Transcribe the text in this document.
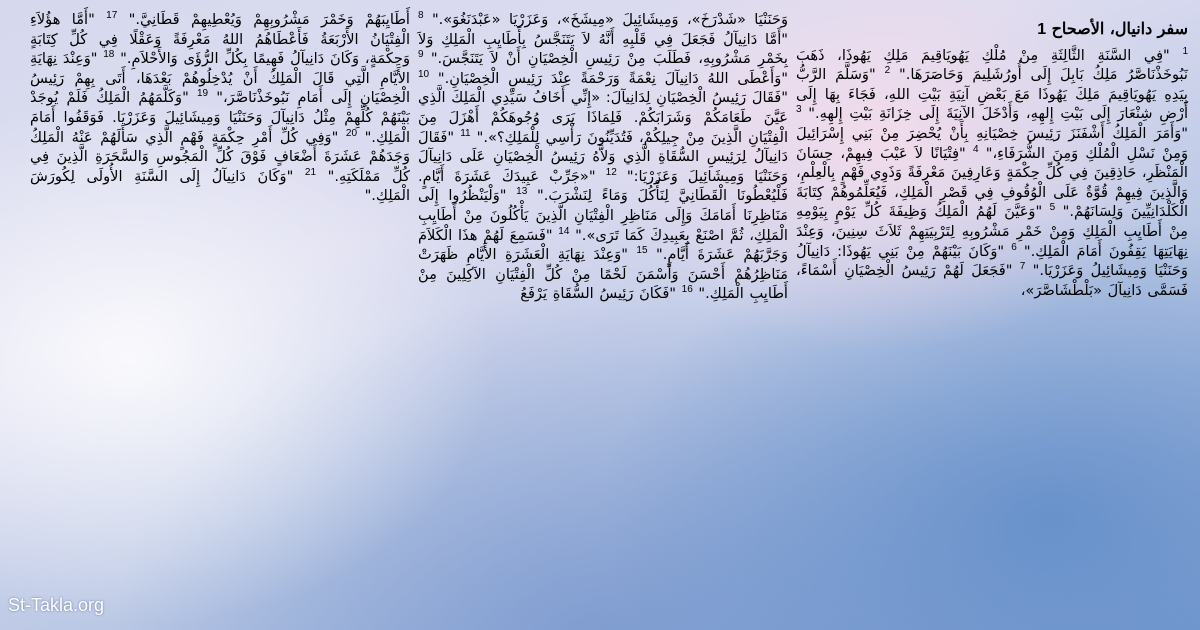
سفر دانيال، الأصحاح 1
$^1$ "فِي السَّنَةِ الثَّالِثَةِ مِنْ مُلْكِ يَهُويَاقِيمَ مَلِكِ يَهُوذَا، ذَهَبَ نَبُوخَذْنَاصَّرُ مَلِكُ بَابِلَ إِلَى أُورُشَلِيمَ وَحَاصَرَهَا." $^2$ "وَسَلَّمَ الرَّبُّ بِيَدِهِ يَهُويَاقِيمَ مَلِكَ يَهُوذَا مَعَ بَعْضِ آنِيَةِ بَيْتِ اللهِ، فَجَاءَ بِهَا إِلَى أَرْضِ شِنْعَارَ إِلَى بَيْتِ إِلهِهِ، وَأَدْخَلَ الآنِيَةَ إِلَى خِزَانَةِ بَيْتِ إِلهِهِ." $^3$ "وَأَمَرَ الْمَلِكُ أَشْفَنَزَ رَئِيسَ خِصْيَانِهِ بِأَنْ يُحْضِرَ مِنْ بَنِي إِسْرَائِيلَ وَمِنْ نَسْلِ الْمُلْكِ وَمِنَ الشُّرَفَاءِ،" $^4$ "فِتْيَانًا لاَ عَيْبَ فِيهِمْ، حِسَانَ الْمَنْظَرِ، حَاذِقِينَ فِي كُلِّ حِكْمَةٍ وَعَارِفِينَ مَعْرِفَةً وَذَوِي فَهْمٍ بِالْعِلْمِ، وَالَّذِينَ فِيهِمْ قُوَّةٌ عَلَى الْوُقُوفِ فِي قَصْرِ الْمَلِكِ، فَيُعَلِّمُوهُمْ كِتَابَةَ الْكَلْدَانِيِّينَ وَلِسَانَهُمْ." $^5$ "وَعَيَّنَ لَهُمُ الْمَلِكُ وَظِيفَةَ كُلِّ يَوْمٍ بِيَوْمِهِ مِنْ أَطَايِبِ الْمَلِكِ وَمِنْ خَمْرِ مَشْرُوبِهِ لِتَرْبِيَتِهِمْ ثَلاَثَ سِنِينَ، وَعِنْدَ نِهَايَتِهَا يَقِفُونَ أَمَامَ الْمَلِكِ." $^6$ "وَكَانَ بَيْنَهُمْ مِنْ بَنِي يَهُوذَا: دَانِيآلُ وَحَنَنْيَا وَمِيشَائِيلُ وَعَزَرْيَا." $^7$ "فَجَعَلَ لَهُمْ رَئِيسُ الْخِصْيَانِ أَسْمَاءً، فَسَمَّى دَانِيآلَ «بَلْطْشَاصَّرَ»،
وَحَنَنْيَا «شَدْرَخَ»، وَمِيشَائِيلَ «مِيشَخَ»، وَعَزَرْيَا «عَبْدَنَغُوَ»." $^8$ "أَمَّا دَانِيآلُ فَجَعَلَ فِي قَلْبِهِ أَنَّهُ لاَ يَتَنَجَّسُ بِأَطَايِبِ الْمَلِكِ وَلاَ بِخَمْرِ مَشْرُوبِهِ، فَطَلَبَ مِنْ رَئِيسِ الْخِصْيَانِ أَنْ لاَ يَتَنَجَّسَ." $^9$ "وَأَعْطَى اللهُ دَانِيآلَ نِعْمَةً وَرَحْمَةً عِنْدَ رَئِيسِ الْخِصْيَانِ." $^{10}$ "فَقَالَ رَئِيسُ الْخِصْيَانِ لِدَانِيآلَ: «إِنِّي أَخَافُ سَيِّدِي الْمَلِكَ الَّذِي عَيَّنَ طَعَامَكُمْ وَشَرَابَكُمْ. فَلِمَاذَا يَرَى وُجُوهَكُمْ أَهْزَلَ مِنَ الْفِتْيَانِ الَّذِينَ مِنْ جِيلِكُمْ، فَتُدَيِّنُونَ رَأْسِي لِلْمَلِكِ؟»." $^{11}$ "فَقَالَ دَانِيآلُ لِرَئِيسِ السُّقَاةِ الَّذِي وَلاَّهُ رَئِيسُ الْخِصْيَانِ عَلَى دَانِيآلَ وَحَنَنْيَا وَمِيشَائِيلَ وَعَزَرْيَا:" $^{12}$ "«جَرِّبْ عَبِيدَكَ عَشَرَةَ أَيَّامٍ. فَلْيُعْطُونَا الْقَطَانِيَّ لِنَأْكُلَ وَمَاءً لِنَشْرَبَ." $^{13}$ "وَلْيَنْظُرُوا إِلَى مَنَاظِرِنَا أَمَامَكَ وَإِلَى مَنَاظِرِ الْفِتْيَانِ الَّذِينَ يَأْكُلُونَ مِنْ أَطَايِبِ الْمَلِكِ، ثُمَّ اصْنَعْ بِعَبِيدِكَ كَمَا تَرَى»." $^{14}$ "فَسَمِعَ لَهُمْ هذَا الْكَلاَمَ وَجَرَّبَهُمْ عَشَرَةَ أَيَّامٍ." $^{15}$ "وَعِنْدَ نِهَايَةِ الْعَشَرَةِ الأَيَّامِ ظَهَرَتْ مَنَاظِرُهُمْ أَحْسَنَ وَأَسْمَنَ لَحْمًا مِنْ كُلِّ الْفِتْيَانِ الآكِلِينَ مِنْ أَطَايِبِ الْمَلِكِ." $^{16}$ "فَكَانَ رَئِيسُ السُّقَاةِ يَرْفَعُ
أَطَايِبَهُمْ وَخَمْرَ مَشْرُوبِهِمْ وَيُعْطِيهِمْ قَطَانِيَّ." $^{17}$ "أَمَّا هؤُلاَءِ الْفِتْيَانُ الأَرْبَعَةُ فَأَعْطَاهُمُ اللهُ مَعْرِفَةً وَعَقْلًا فِي كُلِّ كِتَابَةٍ وَحِكْمَةٍ، وَكَانَ دَانِيآلُ فَهِيمًا بِكُلِّ الرُّؤَى وَالأَحْلاَمِ." $^{18}$ "وَعِنْدَ نِهَايَةِ الأَيَّامِ الَّتِي قَالَ الْمَلِكُ أَنْ يُدْخِلُوهُمْ بَعْدَهَا، أَتَى بِهِمْ رَئِيسُ الْخِصْيَانِ إِلَى أَمَامِ نَبُوخَذْنَاصَّرَ،" $^{19}$ "وَكَلَّمَهُمُ الْمَلِكُ فَلَمْ يُوجَدْ بَيْنَهُمْ كُلِّهِمْ مِثْلُ دَانِيآلَ وَحَنَنْيَا وَمِيشَائِيلَ وَعَزَرْيَا. فَوَقَفُوا أَمَامَ الْمَلِكِ." $^{20}$ "وَفِي كُلِّ أَمْرِ حِكْمَةٍ فَهْمٍ الَّذِي سَأَلَهُمْ عَنْهُ الْمَلِكُ وَجَدَهُمْ عَشَرَةَ أَضْعَافٍ فَوْقَ كُلِّ الْمَجُوسِ وَالسَّحَرَةِ الَّذِينَ فِي كُلِّ مَمْلَكَتِهِ." $^{21}$ "وَكَانَ دَانِيآلُ إِلَى السَّنَةِ الأُولَى لِكُورَشَ الْمَلِكِ."
St-Takla.org
